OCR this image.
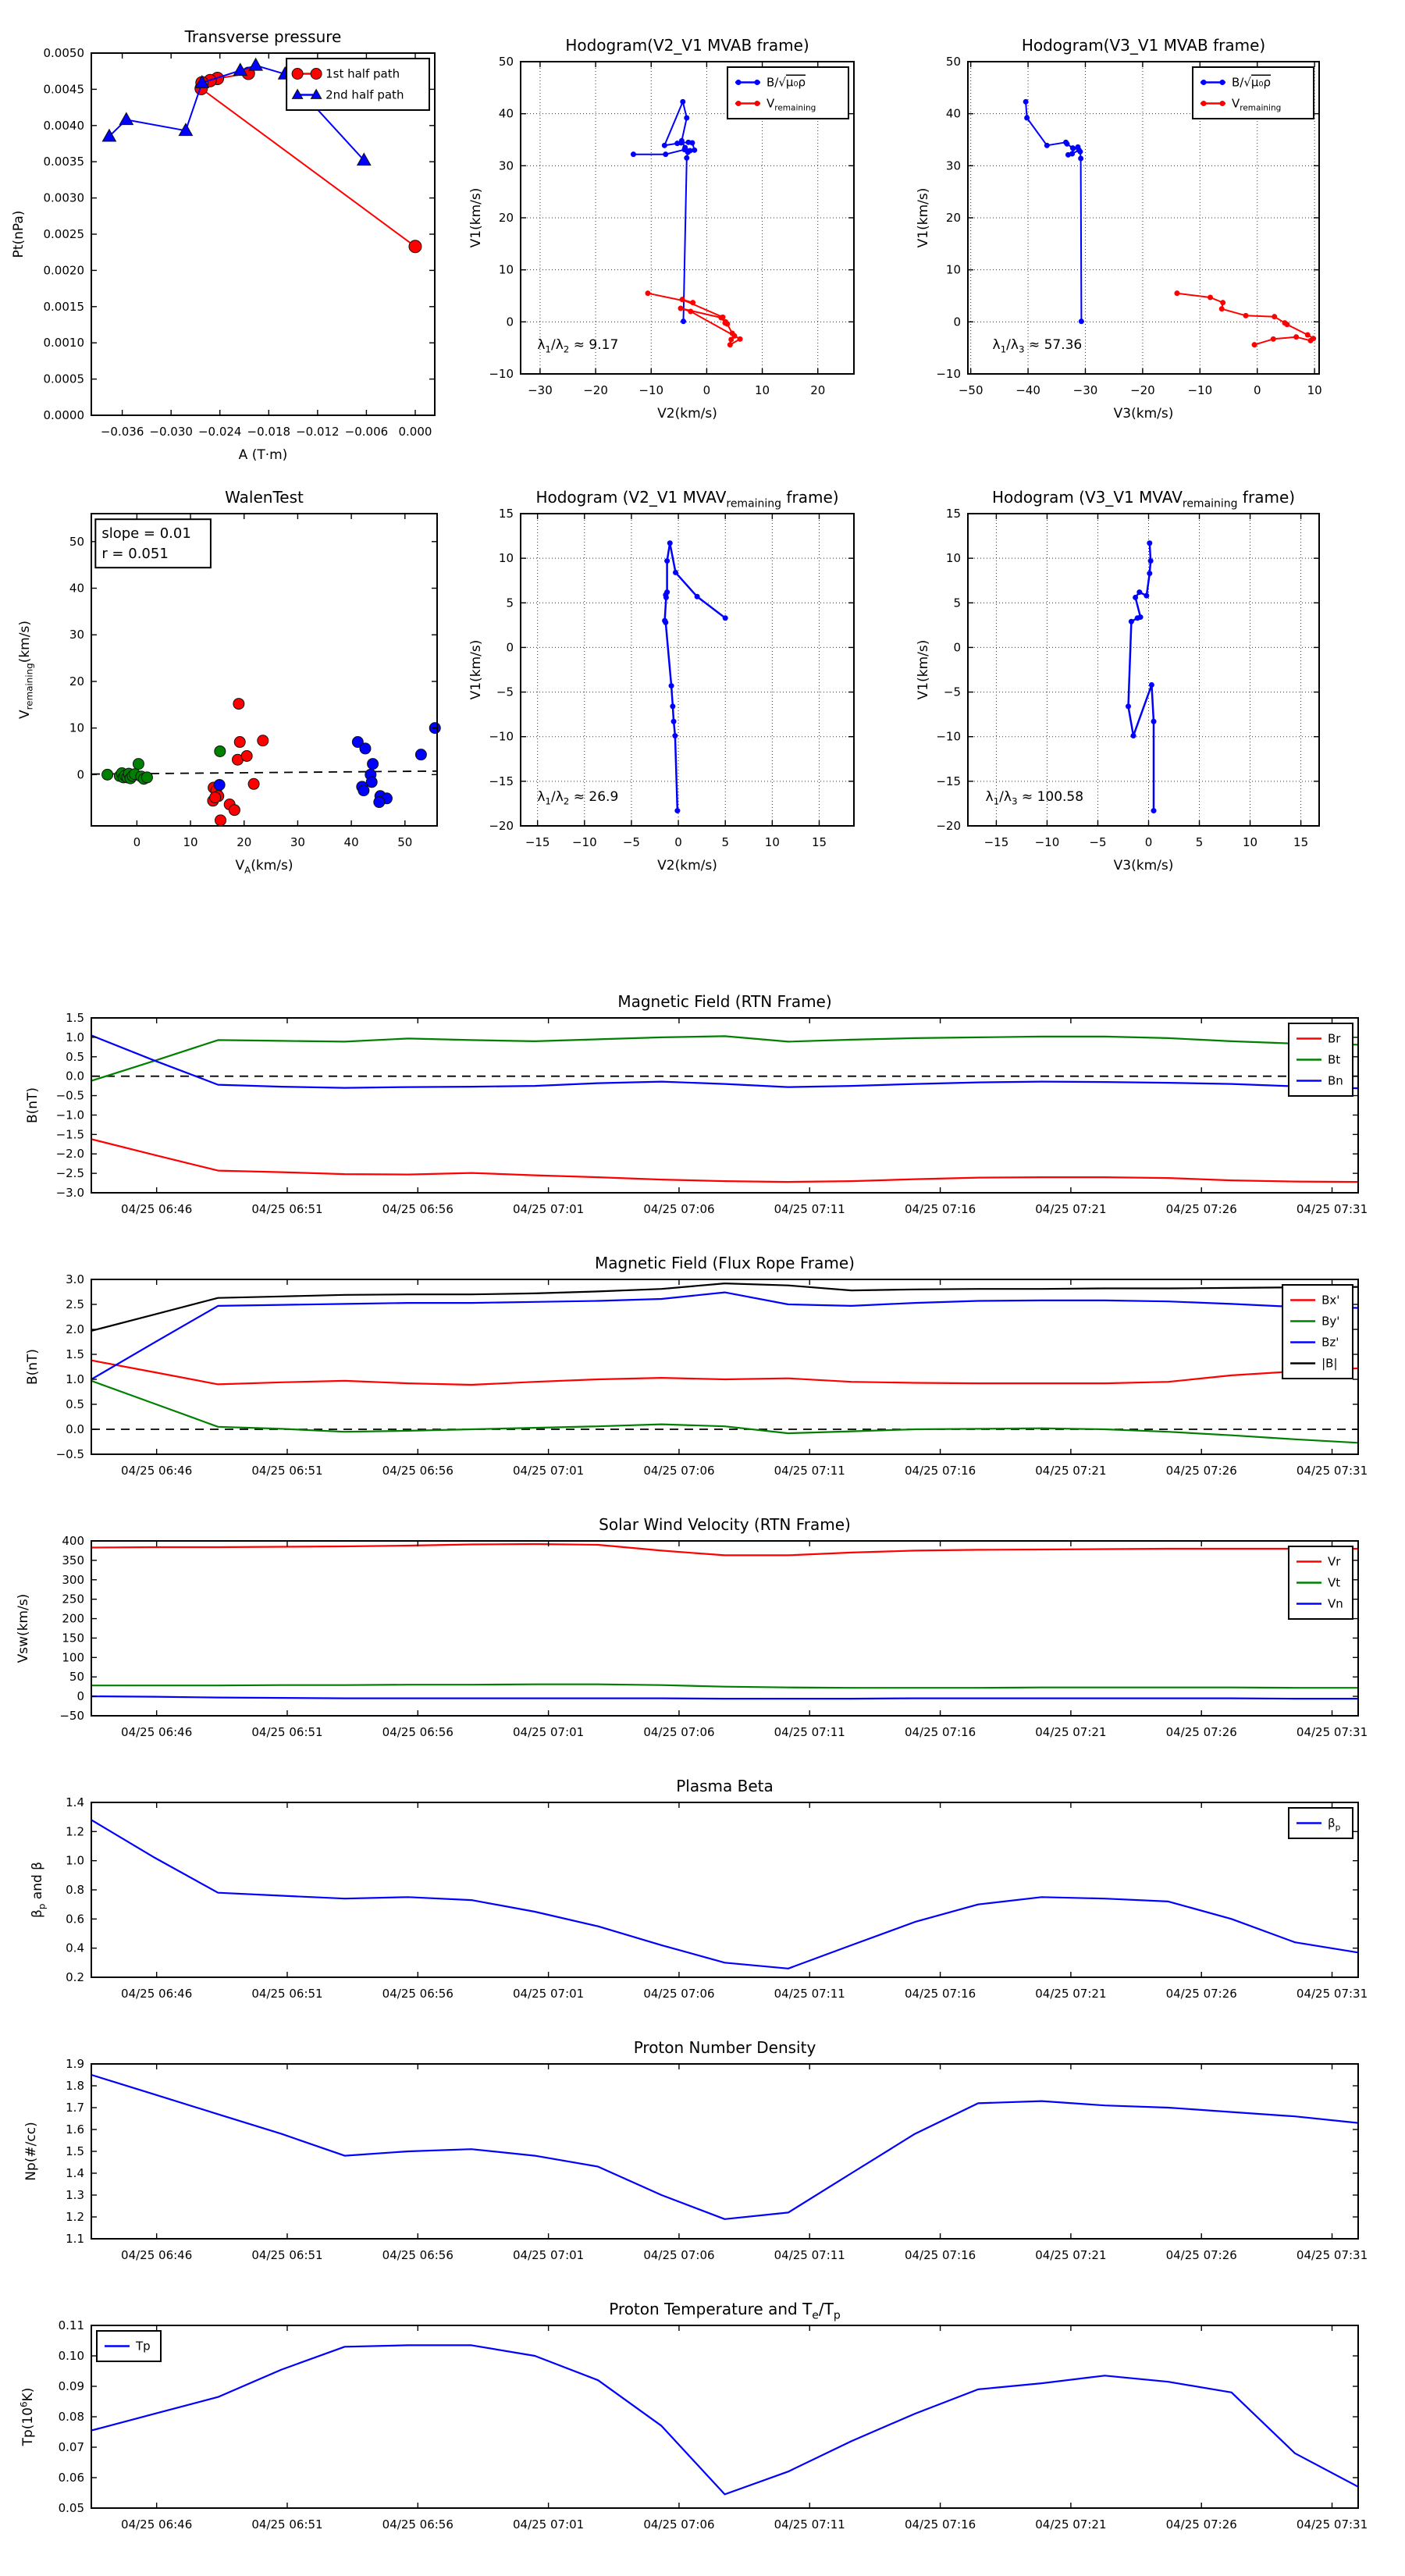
−0.036 −0.030 −0.024 −0.018 −0.012 −0.006 0.000
0.0000
0.0005
0.0010
0.0015
0.0020
0.0025
0.0030
0.0035
0.0040
0.0045
0.0050
Transverse pressure
A (T·m)
Pt(nPa)
1st half path
2nd half path
−30	−20	−10	0	10	20
−10
0
10
20
30
40
50
Hodogram(V2_V1 MVAB frame)
V2(km/s)
V1(km/s)
B/√μ₀ρ
$V_{remaining}$
$\lambda_1/\lambda_2 \approx 9.17$
−50	−40	−30	−20	−10	0	10
−10
0
10
20
30
40
50
Hodogram(V3_V1 MVAB frame)
V3(km/s)
V1(km/s)
B/√μ₀ρ
$V_{remaining}$
$\lambda_1/\lambda_3 \approx 57.36$
0	10	20	30	40	50
0
10
20
30
40
50
WalenTest
$V_A(km/s)$
$V_{remaining}(km/s)$
slope = 0.01
r = 0.051
−15 −10 −5	0	5	10	15
−20
−15
−10
−5
0
5
10
15
Hodogram (V2_V1 $MVAV_{remaining}$ frame)
V2(km/s)
V1(km/s)
$\lambda_1/\lambda_2 \approx 26.9$
−15 −10	−5	0	5	10	15
−20
−15
−10
−5
0
5
10
15
Hodogram (V3_V1 $MVAV_{remaining}$ frame)
V3(km/s)
V1(km/s)
$\lambda_1/\lambda_3 \approx 100.58$
04/25 06:46	04/25 06:51	04/25 06:56	04/25 07:01	04/25 07:06	04/25 07:11	04/25 07:16	04/25 07:21	04/25 07:26	04/25 07:31
−3.0
−2.5
−2.0
−1.5
−1.0
−0.5
0.0
0.5
1.0
1.5
Magnetic Field (RTN Frame)
B(nT)
Br
Bt
Bn
04/25 06:46	04/25 06:51	04/25 06:56	04/25 07:01	04/25 07:06	04/25 07:11	04/25 07:16	04/25 07:21	04/25 07:26	04/25 07:31
−0.5
0.0
0.5
1.0
1.5
2.0
2.5
3.0
Magnetic Field (Flux Rope Frame)
B(nT)
Bx'
By'
Bz'
|B|
04/25 06:46	04/25 06:51	04/25 06:56	04/25 07:01	04/25 07:06	04/25 07:11	04/25 07:16	04/25 07:21	04/25 07:26	04/25 07:31
−50
0
50
100
150
200
250
300
350
400
Solar Wind Velocity (RTN Frame)
Vsw(km/s)
Vr
Vt
Vn
04/25 06:46	04/25 06:51	04/25 06:56	04/25 07:01	04/25 07:06	04/25 07:11	04/25 07:16	04/25 07:21	04/25 07:26	04/25 07:31
0.2
0.4
0.6
0.8
1.0
1.2
1.4
Plasma Beta
$\beta_p$ and β
$\beta_p$
04/25 06:46	04/25 06:51	04/25 06:56	04/25 07:01	04/25 07:06	04/25 07:11	04/25 07:16	04/25 07:21	04/25 07:26	04/25 07:31
1.1
1.2
1.3
1.4
1.5
1.6
1.7
1.8
1.9
Proton Number Density
Np(#/cc)
04/25 06:46	04/25 06:51	04/25 06:56	04/25 07:01	04/25 07:06	04/25 07:11	04/25 07:16	04/25 07:21	04/25 07:26	04/25 07:31
0.05
0.06
0.07
0.08
0.09
0.10
0.11
Proton Temperature and $T_e/T_p$
$Tp(10^6K)$
Tp
